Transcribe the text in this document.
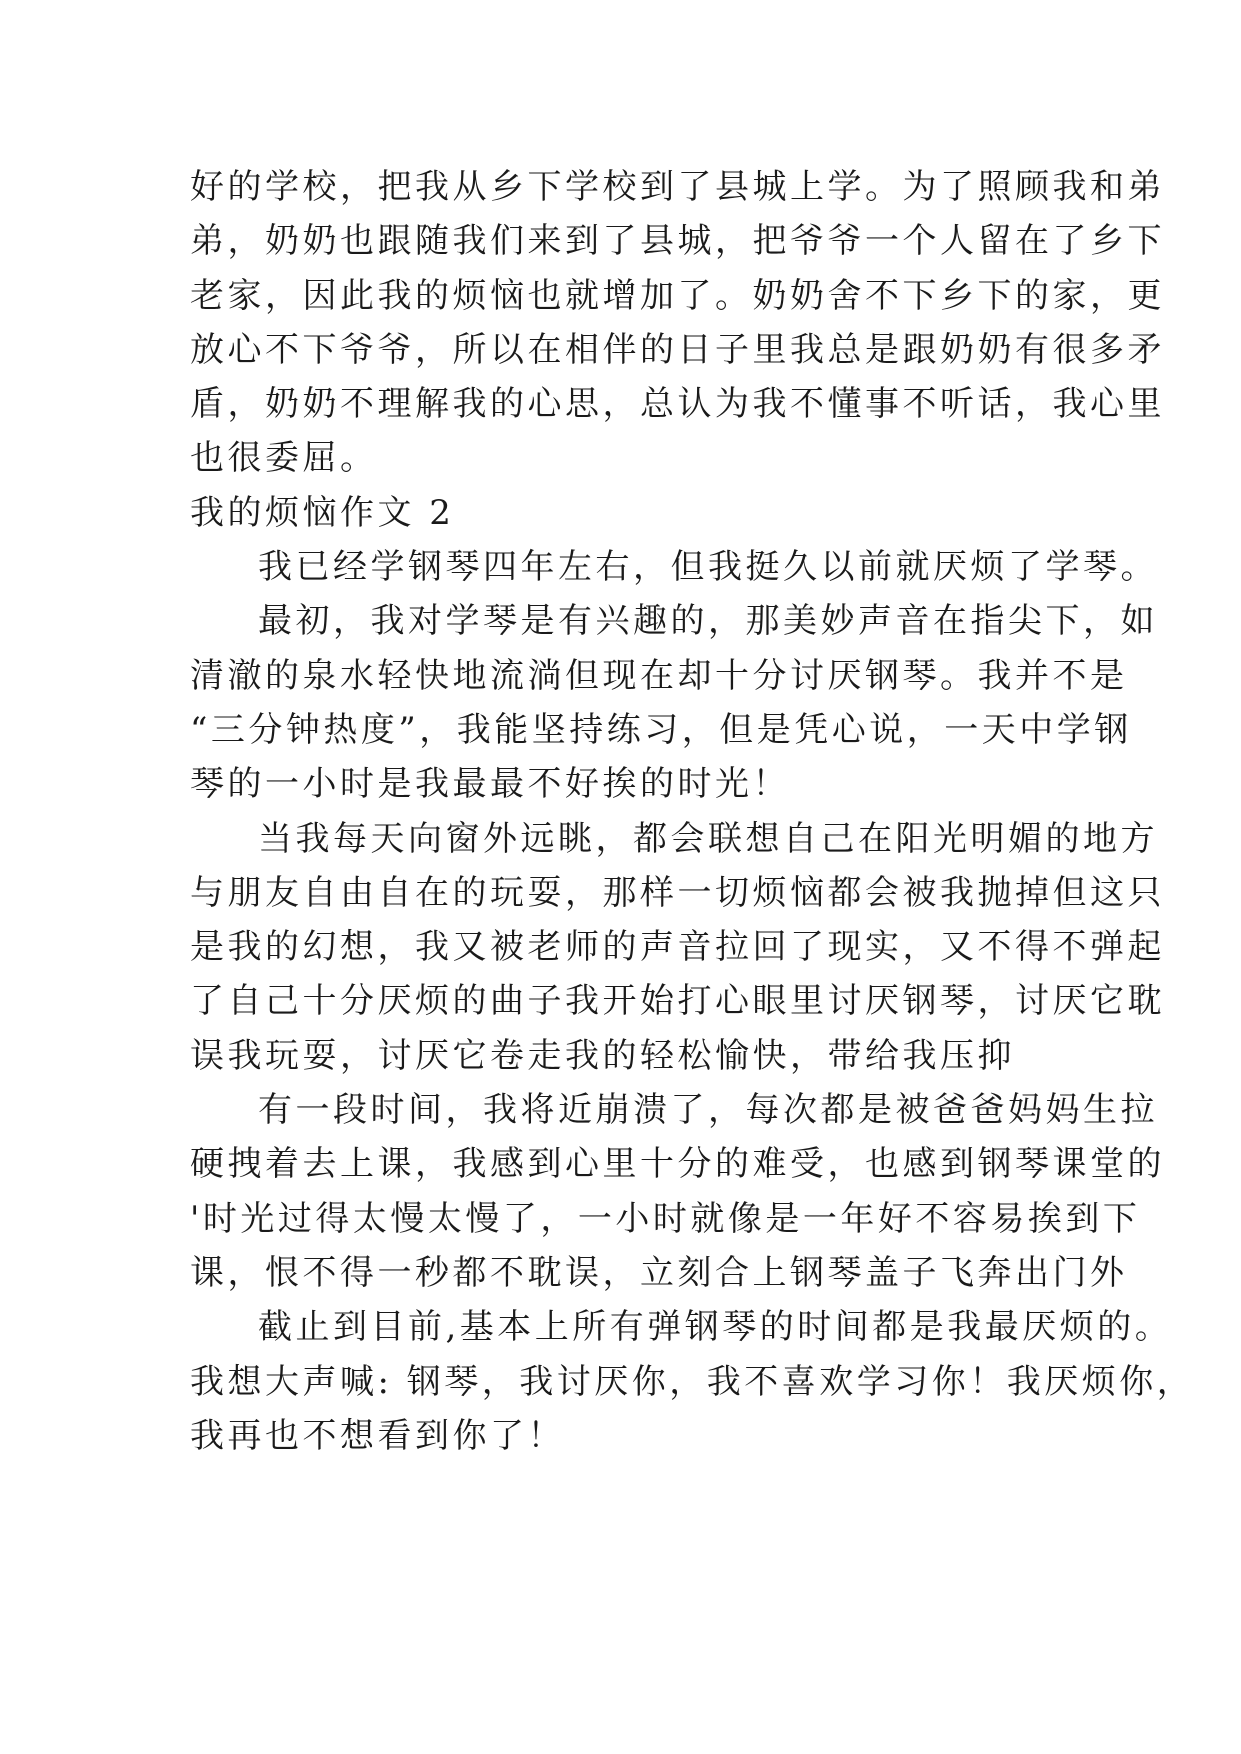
好的学校，把我从乡下学校到了县城上学。为了照顾我和弟
弟，奶奶也跟随我们来到了县城，把爷爷一个人留在了乡下
老家，因此我的烦恼也就增加了。奶奶舍不下乡下的家，更
放心不下爷爷，所以在相伴的日子里我总是跟奶奶有很多矛
盾，奶奶不理解我的心思，总认为我不懂事不听话，我心里
也很委屈。
我的烦恼作文 2
我已经学钢琴四年左右，但我挺久以前就厌烦了学琴。
最初，我对学琴是有兴趣的，那美妙声音在指尖下，如
清澈的泉水轻快地流淌但现在却十分讨厌钢琴。我并不是
“三分钟热度”，我能坚持练习，但是凭心说，一天中学钢
琴的一小时是我最最不好挨的时光！
当我每天向窗外远眺，都会联想自己在阳光明媚的地方
与朋友自由自在的玩耍，那样一切烦恼都会被我抛掉但这只
是我的幻想，我又被老师的声音拉回了现实，又不得不弹起
了自己十分厌烦的曲子我开始打心眼里讨厌钢琴，讨厌它耽
误我玩耍，讨厌它卷走我的轻松愉快，带给我压抑
有一段时间，我将近崩溃了，每次都是被爸爸妈妈生拉
硬拽着去上课，我感到心里十分的难受，也感到钢琴课堂的
'时光过得太慢太慢了，一小时就像是一年好不容易挨到下
课，恨不得一秒都不耽误，立刻合上钢琴盖子飞奔出门外
截止到目前,基本上所有弹钢琴的时间都是我最厌烦的。
我想大声喊: 钢琴，我讨厌你，我不喜欢学习你！我厌烦你，
我再也不想看到你了！
